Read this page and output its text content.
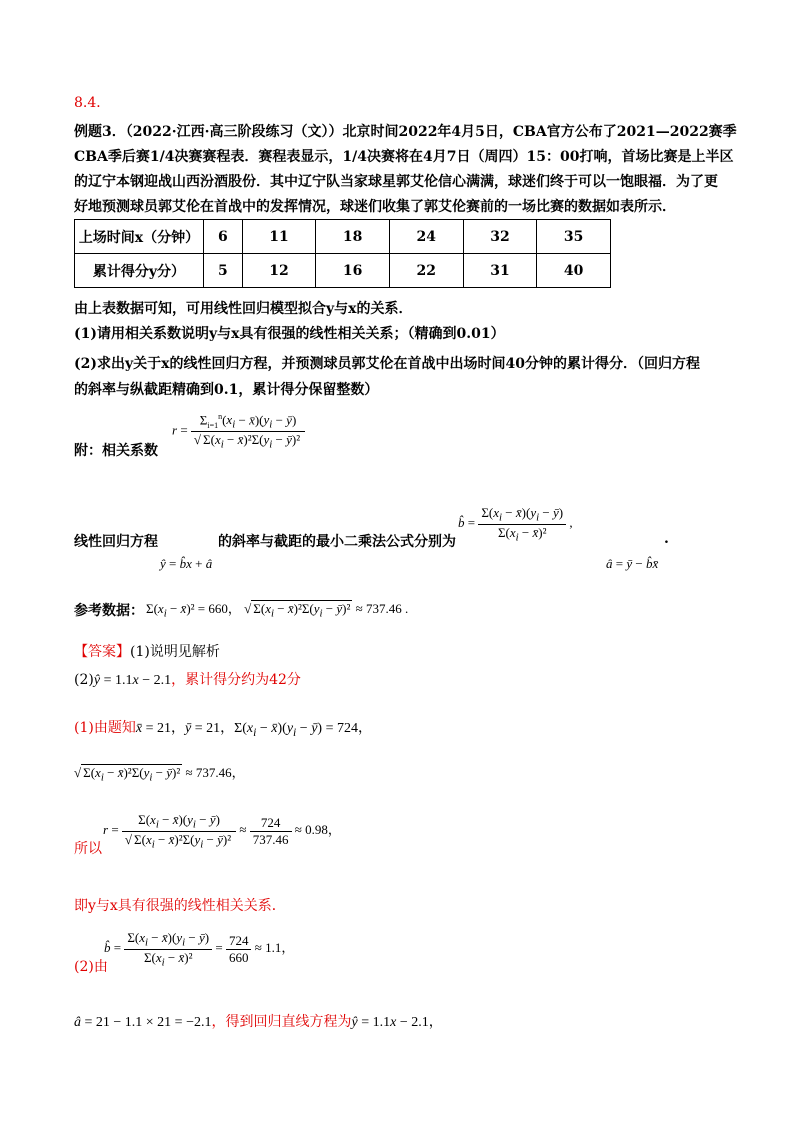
8.4．
例题3．（2022·江西·高三阶段练习（文））北京时间2022年4月5日，CBA官方公布了2021—2022赛季
CBA季后赛1/4决赛赛程表．赛程表显示，1/4决赛将在4月7日（周四）15：00打响，首场比赛是上半区
的辽宁本钢迎战山西汾酒股份．其中辽宁队当家球星郭艾伦信心满满，球迷们终于可以一饱眼福．为了更
好地预测球员郭艾伦在首战中的发挥情况，球迷们收集了郭艾伦赛前的一场比赛的数据如表所示．
上场时间x（分钟）	6	11	18	24	32	35
累计得分y分）	5	12	16	22	31	40
由上表数据可知，可用线性回归模型拟合y与x的关系．
(1)请用相关系数说明y与x具有很强的线性相关关系；（精确到0.01）
(2)求出y关于x的线性回归方程，并预测球员郭艾伦在首战中出场时间40分钟的累计得分．（回归方程
的斜率与纵截距精确到0.1，累计得分保留整数）
附：相关系数
$r = \frac{\Sigma_{i=1}^n(x_i - x̄)(y_i - ȳ)}{√ \Sigma(x_i - x̄)^2\Sigma(y_i - ȳ)^2}$
线性回归方程
ŷ = b̂x + â
的斜率与截距的最小二乘法公式分别为
b̂ = $\frac{\Sigma(x_i - x̄)(y_i - ȳ)}{\Sigma(x_i - x̄)^2}$ ,
â = ȳ − b̂x̄
.
参考数据： $\Sigma(x_i$ − x̄)² = 660， √ $\Sigma(x_i$ − $x̄)^2\Sigma(y_i$ − ȳ)² ≈ 737.46 .
【答案】(1)说明见解析
(2)ŷ = 1.1x − 2.1，累计得分约为42分
(1)由题知x̄ = 21，ȳ = 21，$\Sigma(x_i$ − $x̄)(y_i$ − ȳ) = 724，
√ $\Sigma(x_i$ − $x̄)^2\Sigma(y_i$ − ȳ)² ≈ 737.46，
所以
$r = \frac{\Sigma(x_i - x̄)(y_i - ȳ)}{√ \Sigma(x_i - x̄)^2\Sigma(y_i - ȳ)^2} \approx \frac{724}{737.46} \approx 0.98$，
即y与x具有很强的线性相关关系．
(2)由
b̂ = $\frac{\Sigma(x_i - x̄)(y_i - ȳ)}{\Sigma(x_i - x̄)^2} = \frac{724}{660} \approx 1.1$，
â = 21 − 1.1 × 21 = −2.1，得到回归直线方程为ŷ = 1.1x − 2.1，
